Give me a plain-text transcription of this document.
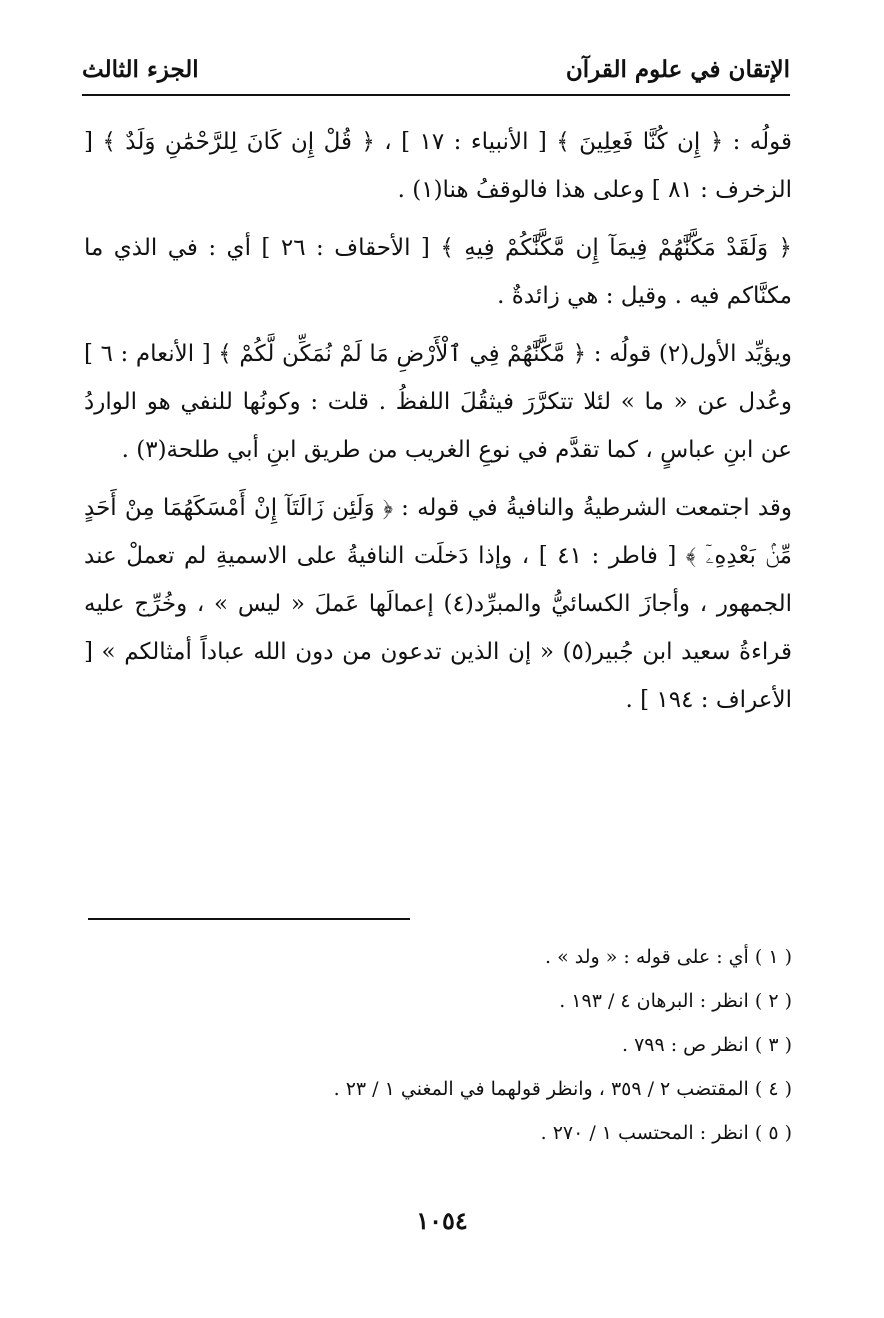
الإتقان في علوم القرآن
الجزء الثالث

قولُه : ﴿ إِن كُنَّا فَعِلِينَ ﴾ [ الأنبياء : ١٧ ] ، ﴿ قُلْ إِن كَانَ لِلرَّحْمَٰنِ وَلَدٌ ﴾ [ الزخرف : ٨١ ] وعلى هذا فالوقفُ هنا(١) .

﴿ وَلَقَدْ مَكَّنَّٰهُمْ فِيمَآ إِن مَّكَّنَّٰكُمْ فِيهِ ﴾ [ الأحقاف : ٢٦ ] أي : في الذي ما مكنَّاكم فيه . وقيل : هي زائدةٌ .

ويؤيِّد الأول(٢) قولُه : ﴿ مَّكَّنَّٰهُمْ فِي ٱلْأَرْضِ مَا لَمْ نُمَكِّن لَّكُمْ ﴾ [ الأنعام : ٦ ] وعُدل عن « ما » لئلا تتكرَّرَ فيثقُلَ اللفظُ . قلت : وكونُها للنفي هو الواردُ عن ابنِ عباسٍ ، كما تقدَّم في نوعِ الغريب من طريق ابنِ أبي طلحة(٣) .

وقد اجتمعت الشرطيةُ والنافيةُ في قوله : ﴿ وَلَئِن زَالَتَآ إِنْ أَمْسَكَهُمَا مِنْ أَحَدٍ مِّنۢ بَعْدِهِۦٓ ﴾ [ فاطر : ٤١ ] ، وإذا دَخلَت النافيةُ على الاسميةِ لم تعملْ عند الجمهور ، وأجازَ الكسائيُّ والمبرِّد(٤) إعمالَها عَملَ « ليس » ، وخُرِّج عليه قراءةُ سعيد ابن جُبير(٥) « إن الذين تدعون من دون الله عباداً أمثالكم » [ الأعراف : ١٩٤ ] .

( ١ ) أي : على قوله : « ولد » .
( ٢ ) انظر : البرهان ٤ / ١٩٣ .
( ٣ ) انظر ص : ٧٩٩ .
( ٤ ) المقتضب ٢ / ٣٥٩ ، وانظر قولهما في المغني ١ / ٢٣ .
( ٥ ) انظر : المحتسب ١ / ٢٧٠ .
١٠٥٤
